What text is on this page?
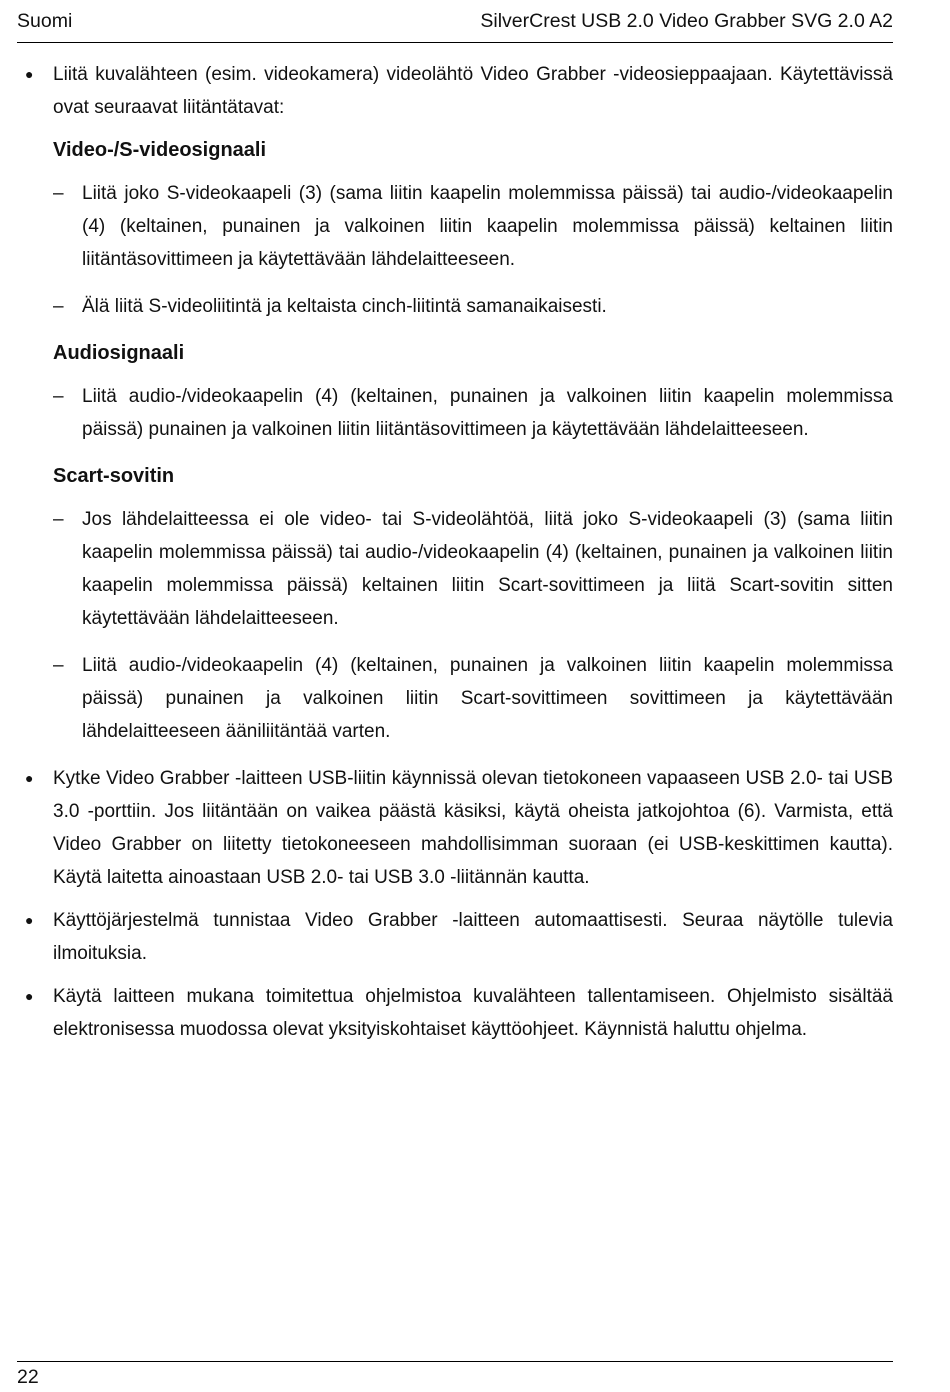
Suomi	SilverCrest USB 2.0 Video Grabber SVG 2.0 A2

● Liitä kuvalähteen (esim. videokamera) videolähtö Video Grabber -videosieppaajaan. Käytettävissä ovat seuraavat liitäntätavat:

Video-/S-videosignaali

– Liitä joko S-videokaapeli (3) (sama liitin kaapelin molemmissa päissä) tai audio-/videokaapelin (4) (keltainen, punainen ja valkoinen liitin kaapelin molemmissa päissä) keltainen liitin liitäntäsovittimeen ja käytettävään lähdelaitteeseen.

– Älä liitä S-videoliitintä ja keltaista cinch-liitintä samanaikaisesti.

Audiosignaali

– Liitä audio-/videokaapelin (4) (keltainen, punainen ja valkoinen liitin kaapelin molemmissa päissä) punainen ja valkoinen liitin liitäntäsovittimeen ja käytettävään lähdelaitteeseen.

Scart-sovitin

– Jos lähdelaitteessa ei ole video- tai S-videolähtöä, liitä joko S-videokaapeli (3) (sama liitin kaapelin molemmissa päissä) tai audio-/videokaapelin (4) (keltainen, punainen ja valkoinen liitin kaapelin molemmissa päissä) keltainen liitin Scart-sovittimeen ja liitä Scart-sovitin sitten käytettävään lähdelaitteeseen.

– Liitä audio-/videokaapelin (4) (keltainen, punainen ja valkoinen liitin kaapelin molemmissa päissä) punainen ja valkoinen liitin Scart-sovittimeen sovittimeen ja käytettävään lähdelaitteeseen ääniliitäntää varten.

● Kytke Video Grabber -laitteen USB-liitin käynnissä olevan tietokoneen vapaaseen USB 2.0- tai USB 3.0 -porttiin. Jos liitäntään on vaikea päästä käsiksi, käytä oheista jatkojohtoa (6). Varmista, että Video Grabber on liitetty tietokoneeseen mahdollisimman suoraan (ei USB-keskittimen kautta). Käytä laitetta ainoastaan USB 2.0- tai USB 3.0 -liitännän kautta.

● Käyttöjärjestelmä tunnistaa Video Grabber -laitteen automaattisesti. Seuraa näytölle tulevia ilmoituksia.

● Käytä laitteen mukana toimitettua ohjelmistoa kuvalähteen tallentamiseen. Ohjelmisto sisältää elektronisessa muodossa olevat yksityiskohtaiset käyttöohjeet. Käynnistä haluttu ohjelma.

22
